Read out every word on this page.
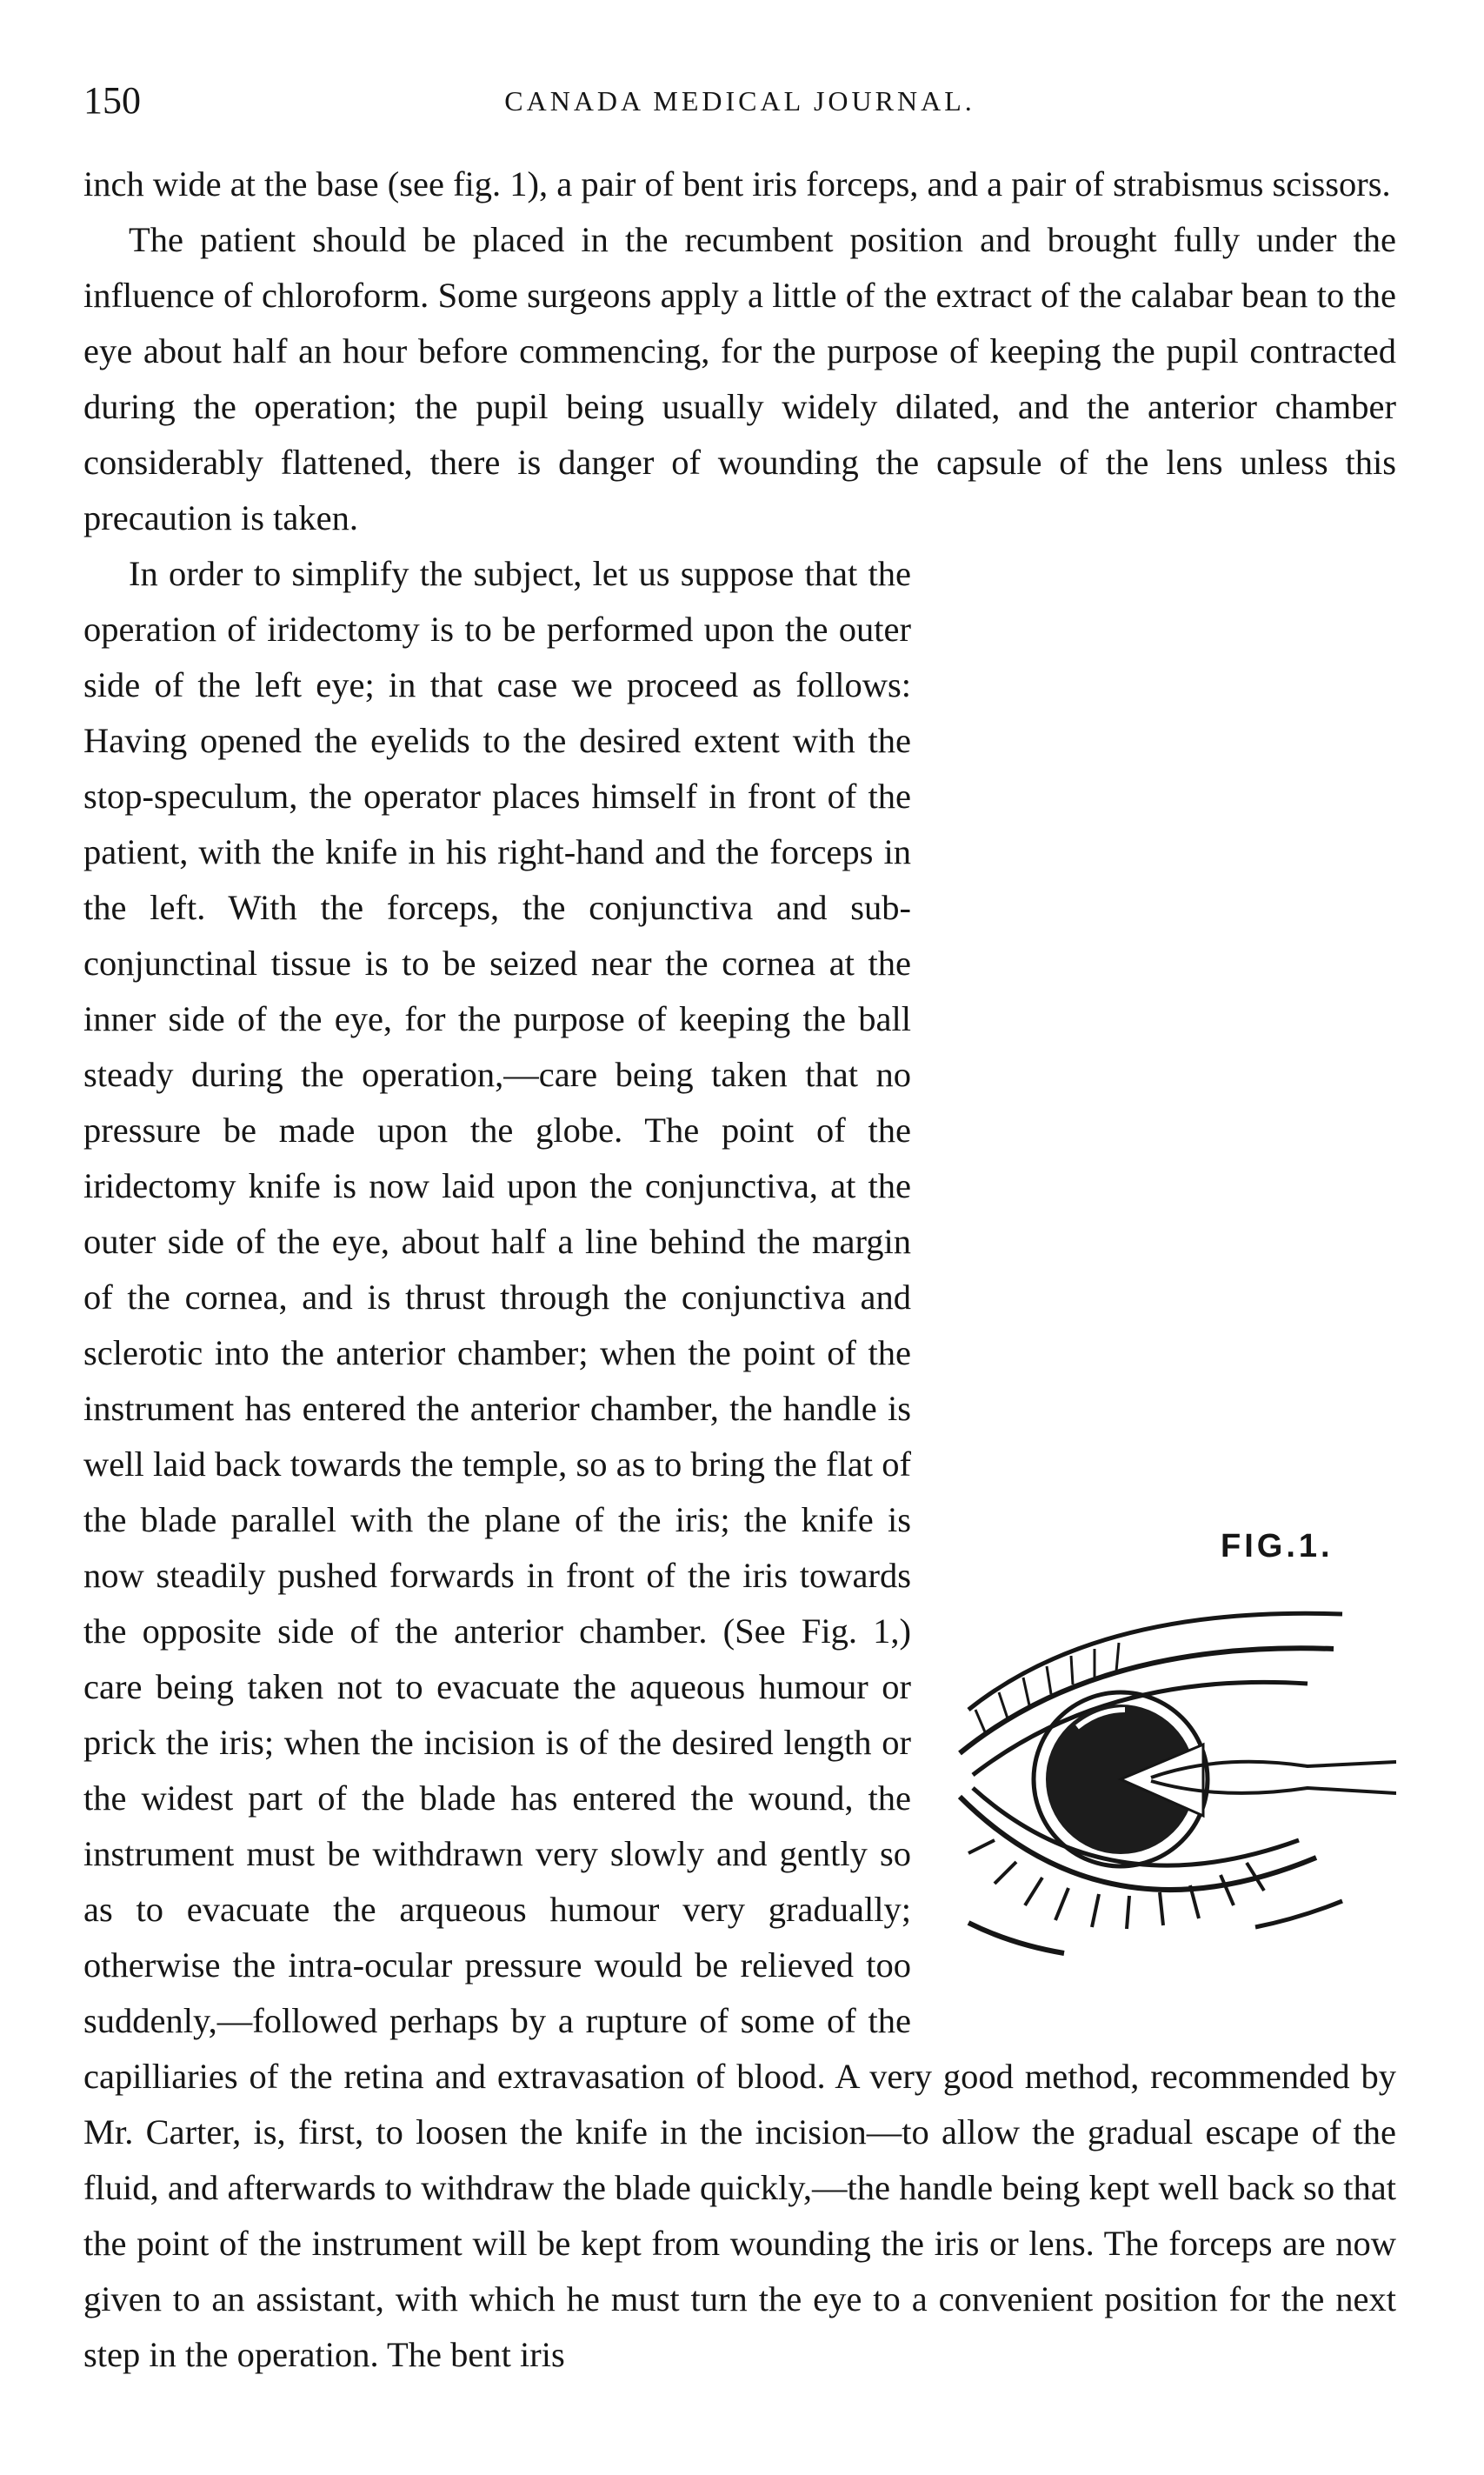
150	CANADA MEDICAL JOURNAL.

inch wide at the base (see fig. 1), a pair of bent iris forceps, and a pair of strabismus scissors.

The patient should be placed in the recumbent position and brought fully under the influence of chloroform. Some surgeons apply a little of the extract of the calabar bean to the eye about half an hour before commencing, for the purpose of keeping the pupil contracted during the operation; the pupil being usually widely dilated, and the anterior chamber considerably flattened, there is danger of wounding the capsule of the lens unless this precaution is taken.

FIG.1.

In order to simplify the subject, let us suppose that the operation of iridectomy is to be performed upon the outer side of the left eye; in that case we proceed as follows: Having opened the eyelids to the desired extent with the stop-speculum, the operator places himself in front of the patient, with the knife in his right-hand and the forceps in the left. With the forceps, the conjunctiva and sub-conjunctinal tissue is to be seized near the cornea at the inner side of the eye, for the purpose of keeping the ball steady during the operation,—care being taken that no pressure be made upon the globe. The point of the iridectomy knife is now laid upon the conjunctiva, at the outer side of the eye, about half a line behind the margin of the cornea, and is thrust through the conjunctiva and sclerotic into the anterior chamber; when the point of the instrument has entered the anterior chamber, the handle is well laid back towards the temple, so as to bring the flat of the blade parallel with the plane of the iris; the knife is now steadily pushed forwards in front of the iris towards the opposite side of the anterior chamber. (See Fig. 1,) care being taken not to evacuate the aqueous humour or prick the iris; when the incision is of the desired length or the widest part of the blade has entered the wound, the instrument must be withdrawn very slowly and gently so as to evacuate the arqueous humour very gradually; otherwise the intra-ocular pressure would be relieved too suddenly,—followed perhaps by a rupture of some of the capilliaries of the retina and extravasation of blood. A very good method, recommended by Mr. Carter, is, first, to loosen the knife in the incision—to allow the gradual escape of the fluid, and afterwards to withdraw the blade quickly,—the handle being kept well back so that the point of the instrument will be kept from wounding the iris or lens. The forceps are now given to an assistant, with which he must turn the eye to a convenient position for the next step in the operation. The bent iris
